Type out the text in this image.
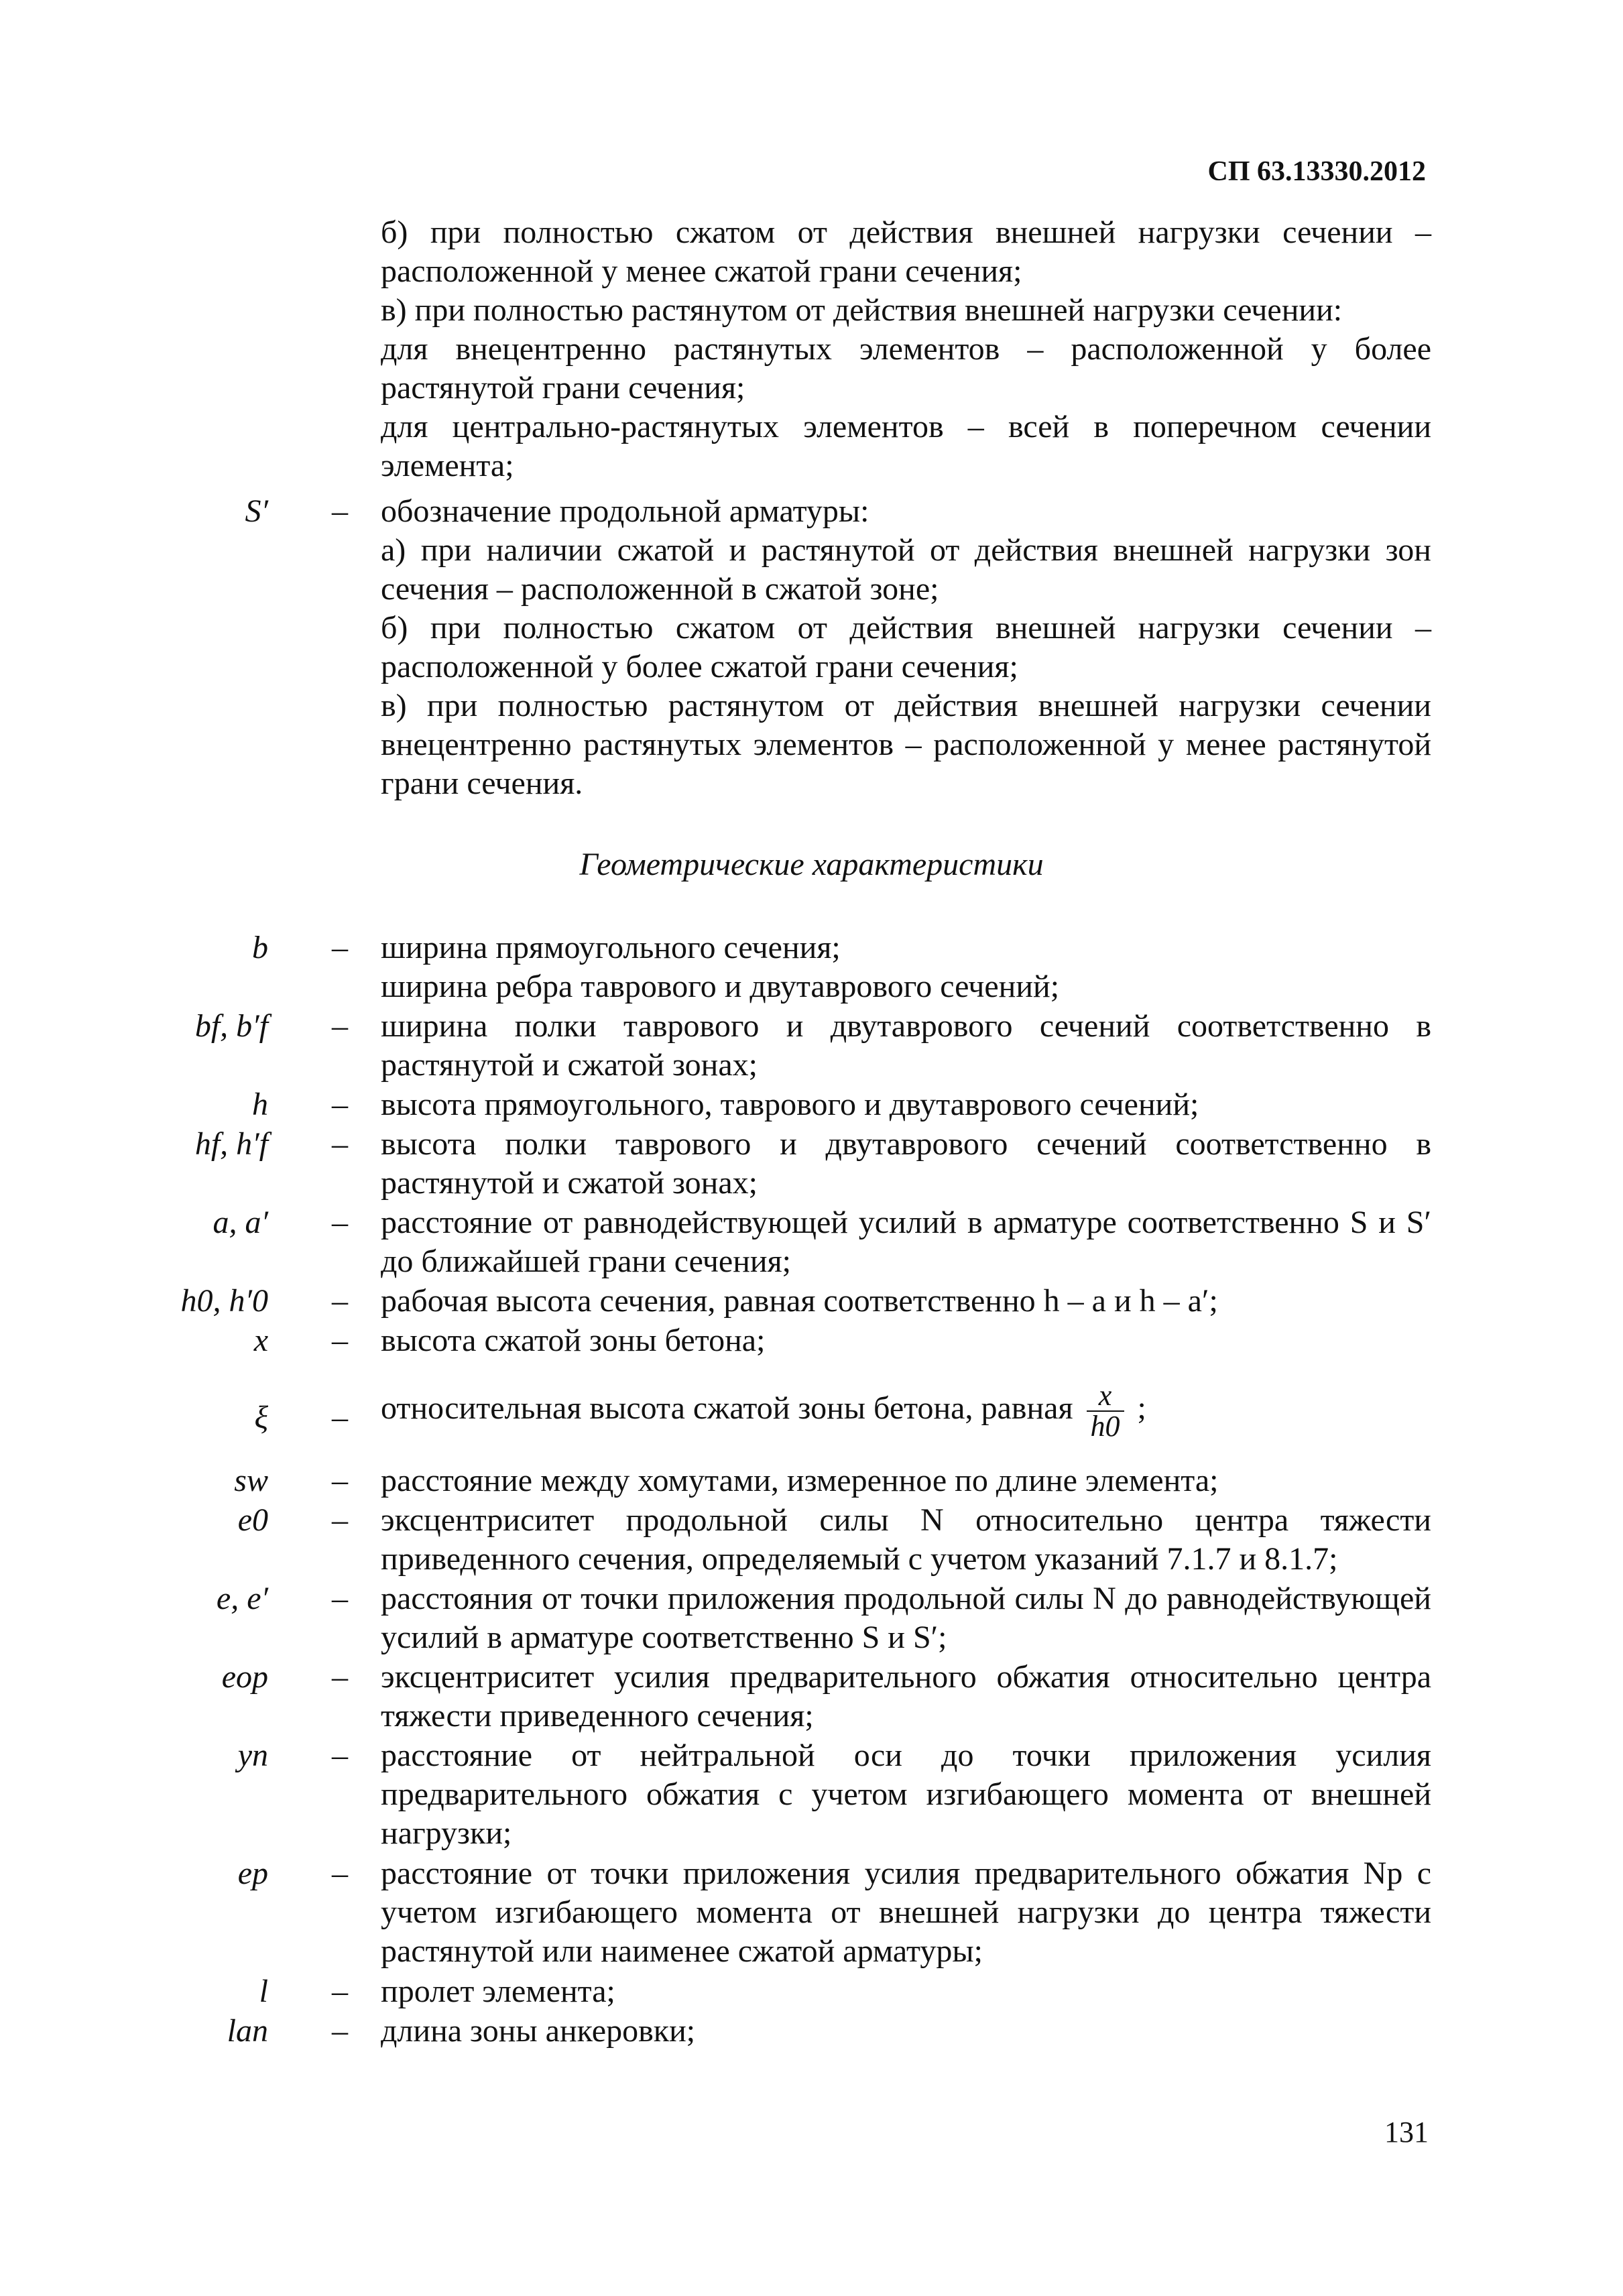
СП 63.13330.2012

б) при полностью сжатом от действия внешней нагрузки сечении – расположенной у менее сжатой грани сечения;

в) при полностью растянутом от действия внешней нагрузки сечении:

для внецентренно растянутых элементов – расположенной у более растянутой грани сечения;

для центрально-растянутых элементов – всей в поперечном сечении элемента;

S′ – обозначение продольной арматуры:

а) при наличии сжатой и растянутой от действия внешней нагрузки зон сечения – расположенной в сжатой зоне;

б) при полностью сжатом от действия внешней нагрузки сечении – расположенной у более сжатой грани сечения;

в) при полностью растянутом от действия внешней нагрузки сечении внецентренно растянутых элементов – расположенной у менее растянутой грани сечения.

Геометрические характеристики
b – ширина прямоугольного сечения;

ширина ребра таврового и двутаврового сечений;

bf, b′f – ширина полки таврового и двутаврового сечений соответственно в растянутой и сжатой зонах;

h – высота прямоугольного, таврового и двутаврового сечений;

hf, h′f – высота полки таврового и двутаврового сечений соответственно в растянутой и сжатой зонах;

a, a′ – расстояние от равнодействующей усилий в арматуре соответственно S и S′ до ближайшей грани сечения;

h0, h′0 – рабочая высота сечения, равная соответственно h – a и h – a′;

x – высота сжатой зоны бетона;

ξ – относительная высота сжатой зоны бетона, равная $\frac{x}{h0}$ ;
sw – расстояние между хомутами, измеренное по длине элемента;

e0 – эксцентриситет продольной силы N относительно центра тяжести приведенного сечения, определяемый с учетом указаний 7.1.7 и 8.1.7;

e, e′ – расстояния от точки приложения продольной силы N до равнодействующей усилий в арматуре соответственно S и S′;

eop – эксцентриситет усилия предварительного обжатия относительно центра тяжести приведенного сечения;

yn – расстояние от нейтральной оси до точки приложения усилия предварительного обжатия с учетом изгибающего момента от внешней нагрузки;

ep – расстояние от точки приложения усилия предварительного обжатия Np с учетом изгибающего момента от внешней нагрузки до центра тяжести растянутой или наименее сжатой арматуры;

l – пролет элемента;

lan – длина зоны анкеровки;

131
